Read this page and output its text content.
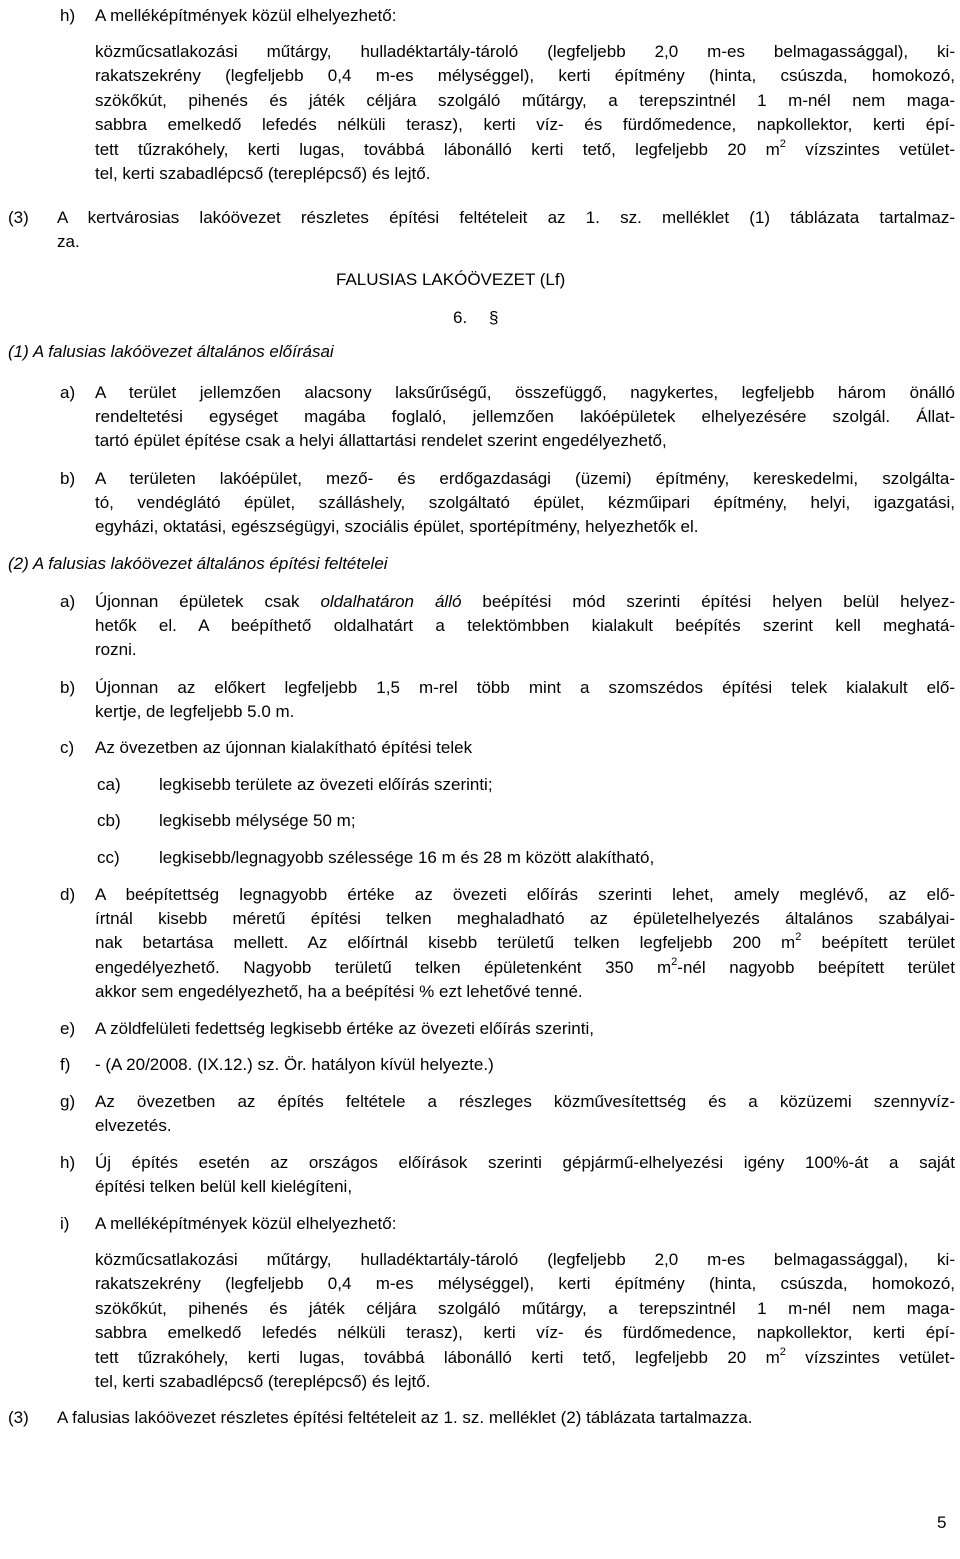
h) A melléképítmények közül elhelyezhető:
közműcsatlakozási műtárgy, hulladéktartály-tároló (legfeljebb 2,0 m-es belmagassággal), ki-
rakatszekrény (legfeljebb 0,4 m-es mélységgel), kerti építmény (hinta, csúszda, homokozó,
szökőkút, pihenés és játék céljára szolgáló műtárgy, a terepszintnél 1 m-nél nem maga-
sabbra emelkedő lefedés nélküli terasz), kerti víz- és fürdőmedence, napkollektor, kerti épí-
tett tűzrakóhely, kerti lugas, továbbá lábonálló kerti tető, legfeljebb 20 $m^2$ vízszintes vetület-
tel, kerti szabadlépcső (tereplépcső) és lejtő.
(3) A kertvárosias lakóövezet részletes építési feltételeit az 1. sz. melléklet (1) táblázata tartalmaz-
za.
FALUSIAS LAKÓÖVEZET (Lf)
6. §
(1) A falusias lakóövezet általános előírásai
a) A terület jellemzően alacsony laksűrűségű, összefüggő, nagykertes, legfeljebb három önálló
rendeltetési egységet magába foglaló, jellemzően lakóépületek elhelyezésére szolgál. Állat-
tartó épület építése csak a helyi állattartási rendelet szerint engedélyezhető,
b) A területen lakóépület, mező- és erdőgazdasági (üzemi) építmény, kereskedelmi, szolgálta-
tó, vendéglátó épület, szálláshely, szolgáltató épület, kézműipari építmény, helyi, igazgatási,
egyházi, oktatási, egészségügyi, szociális épület, sportépítmény, helyezhetők el.
(2) A falusias lakóövezet általános építési feltételei
a) Újonnan épületek csak oldalhatáron álló beépítési mód szerinti építési helyen belül helyez-
hetők el. A beépíthető oldalhatárt a telektömbben kialakult beépítés szerint kell meghatá-
rozni.
b) Újonnan az előkert legfeljebb 1,5 m-rel több mint a szomszédos építési telek kialakult elő-
kertje, de legfeljebb 5.0 m.
c) Az övezetben az újonnan kialakítható építési telek
ca) legkisebb területe az övezeti előírás szerinti;
cb) legkisebb mélysége 50 m;
cc) legkisebb/legnagyobb szélessége 16 m és 28 m között alakítható,
d) A beépítettség legnagyobb értéke az övezeti előírás szerinti lehet, amely meglévő, az elő-
írtnál kisebb méretű építési telken meghaladható az épületelhelyezés általános szabályai-
nak betartása mellett. Az előírtnál kisebb területű telken legfeljebb 200 $m^2$ beépített terület
engedélyezhető. Nagyobb területű telken épületenként 350 $m^2$-nél nagyobb beépített terület
akkor sem engedélyezhető, ha a beépítési % ezt lehetővé tenné.
e) A zöldfelületi fedettség legkisebb értéke az övezeti előírás szerinti,
f) - (A 20/2008. (IX.12.) sz. Ör. hatályon kívül helyezte.)
g) Az övezetben az építés feltétele a részleges közművesítettség és a közüzemi szennyvíz-
elvezetés.
h) Új építés esetén az országos előírások szerinti gépjármű-elhelyezési igény 100%-át a saját
építési telken belül kell kielégíteni,
i) A melléképítmények közül elhelyezhető:
közműcsatlakozási műtárgy, hulladéktartály-tároló (legfeljebb 2,0 m-es belmagassággal), ki-
rakatszekrény (legfeljebb 0,4 m-es mélységgel), kerti építmény (hinta, csúszda, homokozó,
szökőkút, pihenés és játék céljára szolgáló műtárgy, a terepszintnél 1 m-nél nem maga-
sabbra emelkedő lefedés nélküli terasz), kerti víz- és fürdőmedence, napkollektor, kerti épí-
tett tűzrakóhely, kerti lugas, továbbá lábonálló kerti tető, legfeljebb 20 $m^2$ vízszintes vetület-
tel, kerti szabadlépcső (tereplépcső) és lejtő.
(3) A falusias lakóövezet részletes építési feltételeit az 1. sz. melléklet (2) táblázata tartalmazza.
5
